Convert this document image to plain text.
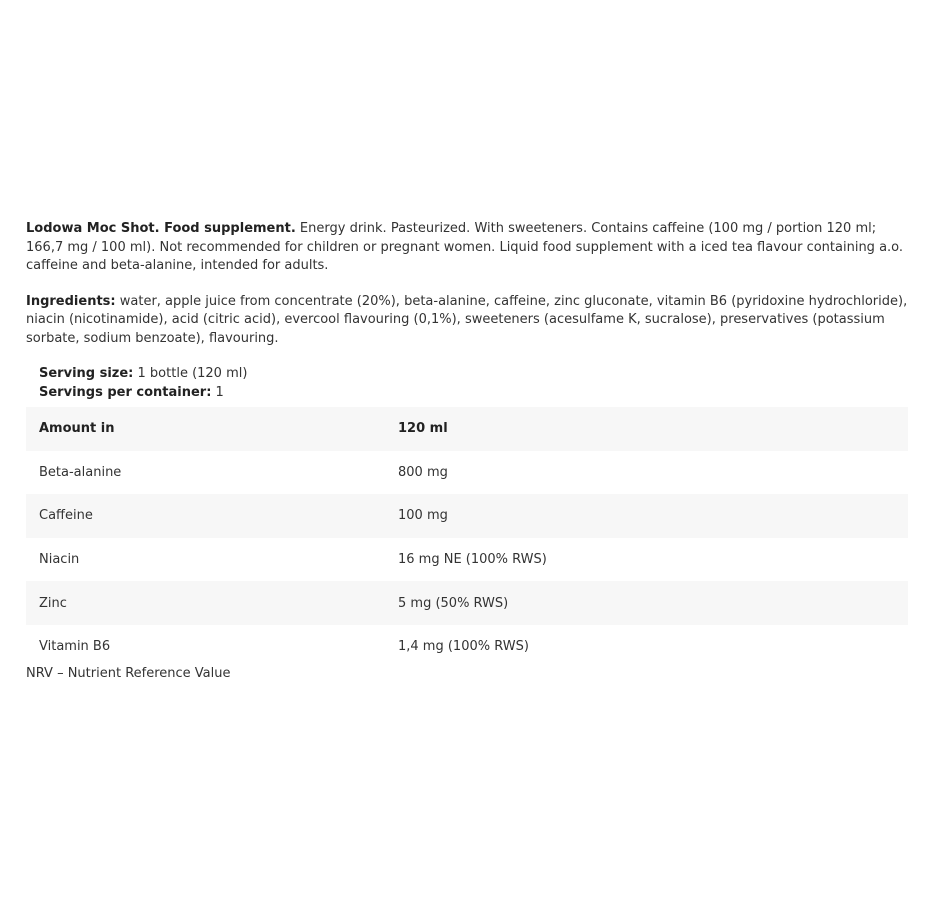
Lodowa Moc Shot. Food supplement. Energy drink. Pasteurized. With sweeteners. Contains caffeine (100 mg / portion 120 ml; 166,7 mg / 100 ml). Not recommended for children or pregnant women. Liquid food supplement with a iced tea flavour containing a.o. caffeine and beta-alanine, intended for adults.

Ingredients: water, apple juice from concentrate (20%), beta-alanine, caffeine, zinc gluconate, vitamin B6 (pyridoxine hydrochloride), niacin (nicotinamide), acid (citric acid), evercool flavouring (0,1%), sweeteners (acesulfame K, sucralose), preservatives (potassium sorbate, sodium benzoate), flavouring.

Serving size: 1 bottle (120 ml)
Servings per container: 1
Amount in	120 ml
Beta-alanine	800 mg
Caffeine	100 mg
Niacin	16 mg NE (100% RWS)
Zinc	5 mg (50% RWS)
Vitamin B6	1,4 mg (100% RWS)
NRV – Nutrient Reference Value
